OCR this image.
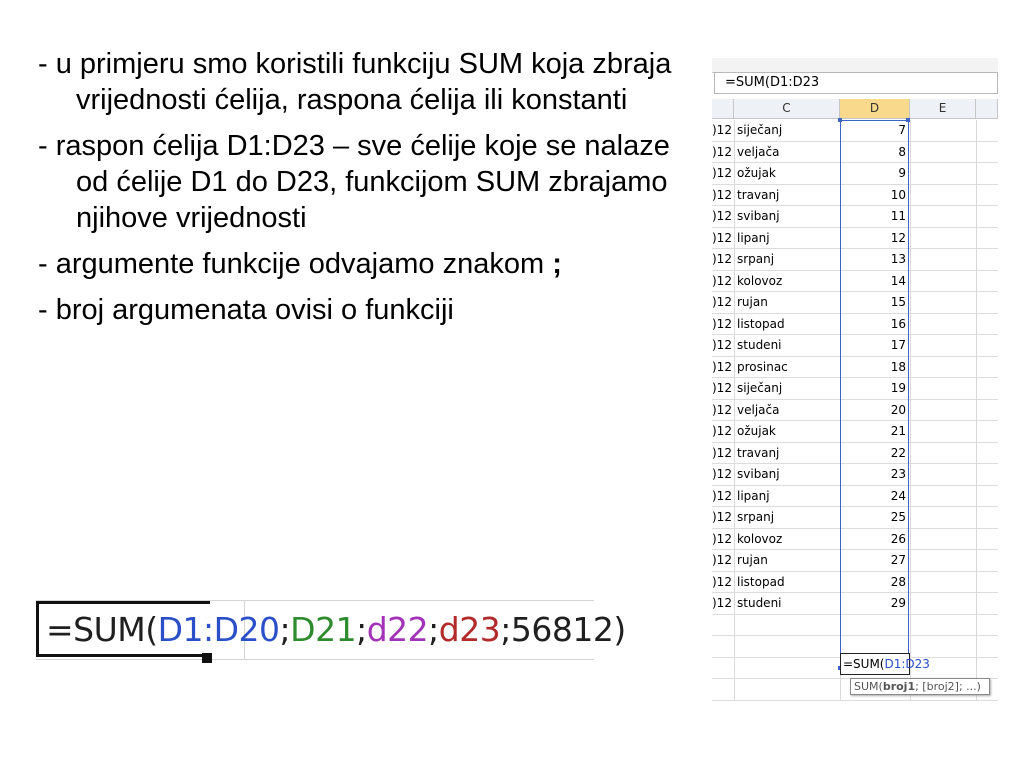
- u primjeru smo koristili funkciju SUM koja zbraja vrijednosti ćelija, raspona ćelija ili konstanti
- raspon ćelija D1:D23 – sve ćelije koje se nalaze od ćelije D1 do D23, funkcijom SUM zbrajamo njihove vrijednosti
- argumente funkcije odvajamo znakom ;
- broj argumenata ovisi o funkciji
=SUM(D1:D20;D21;d22;d23;56812)
=SUM(D1:D23
C	D	E
)12 siječanj	7
)12 veljača	8
)12 ožujak	9
)12 travanj	10
)12 svibanj	11
)12 lipanj	12
)12 srpanj	13
)12 kolovoz	14
)12 rujan	15
)12 listopad	16
)12 studeni	17
)12 prosinac	18
)12 siječanj	19
)12 veljača	20
)12 ožujak	21
)12 travanj	22
)12 svibanj	23
)12 lipanj	24
)12 srpanj	25
)12 kolovoz	26
)12 rujan	27
)12 listopad	28
)12 studeni	29
=SUM(D1:D23
SUM(broj1; [broj2]; ...)
